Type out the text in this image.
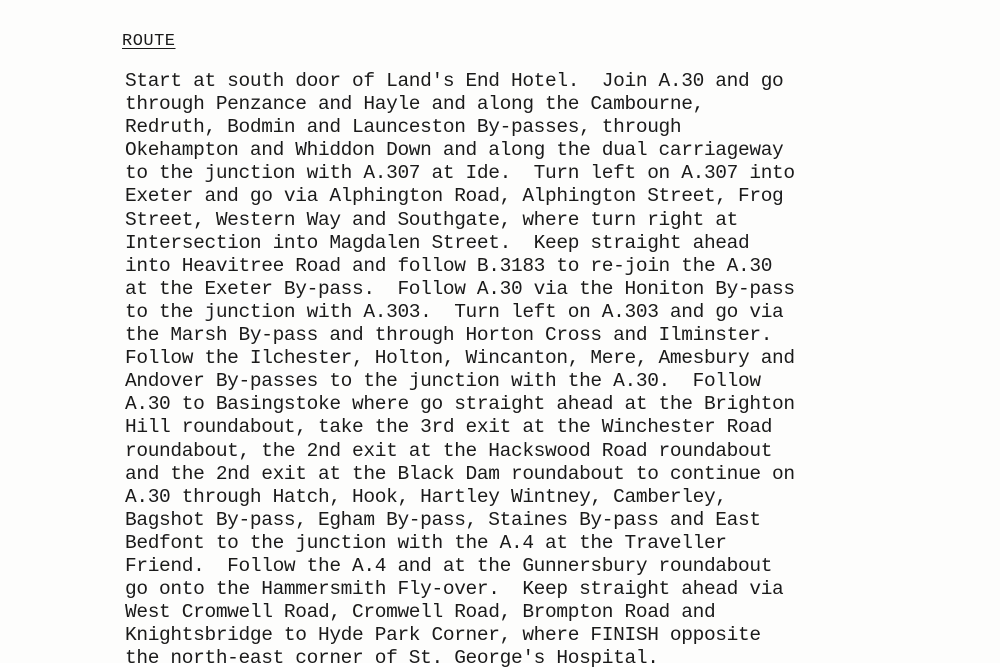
ROUTE
Start at south door of Land's End Hotel.  Join A.30 and go
through Penzance and Hayle and along the Cambourne,
Redruth, Bodmin and Launceston By-passes, through
Okehampton and Whiddon Down and along the dual carriageway
to the junction with A.307 at Ide.  Turn left on A.307 into
Exeter and go via Alphington Road, Alphington Street, Frog
Street, Western Way and Southgate, where turn right at
Intersection into Magdalen Street.  Keep straight ahead
into Heavitree Road and follow B.3183 to re-join the A.30
at the Exeter By-pass.  Follow A.30 via the Honiton By-pass
to the junction with A.303.  Turn left on A.303 and go via
the Marsh By-pass and through Horton Cross and Ilminster.
Follow the Ilchester, Holton, Wincanton, Mere, Amesbury and
Andover By-passes to the junction with the A.30.  Follow
A.30 to Basingstoke where go straight ahead at the Brighton
Hill roundabout, take the 3rd exit at the Winchester Road
roundabout, the 2nd exit at the Hackswood Road roundabout
and the 2nd exit at the Black Dam roundabout to continue on
A.30 through Hatch, Hook, Hartley Wintney, Camberley,
Bagshot By-pass, Egham By-pass, Staines By-pass and East
Bedfont to the junction with the A.4 at the Traveller
Friend.  Follow the A.4 and at the Gunnersbury roundabout
go onto the Hammersmith Fly-over.  Keep straight ahead via
West Cromwell Road, Cromwell Road, Brompton Road and
Knightsbridge to Hyde Park Corner, where FINISH opposite
the north-east corner of St. George's Hospital.
